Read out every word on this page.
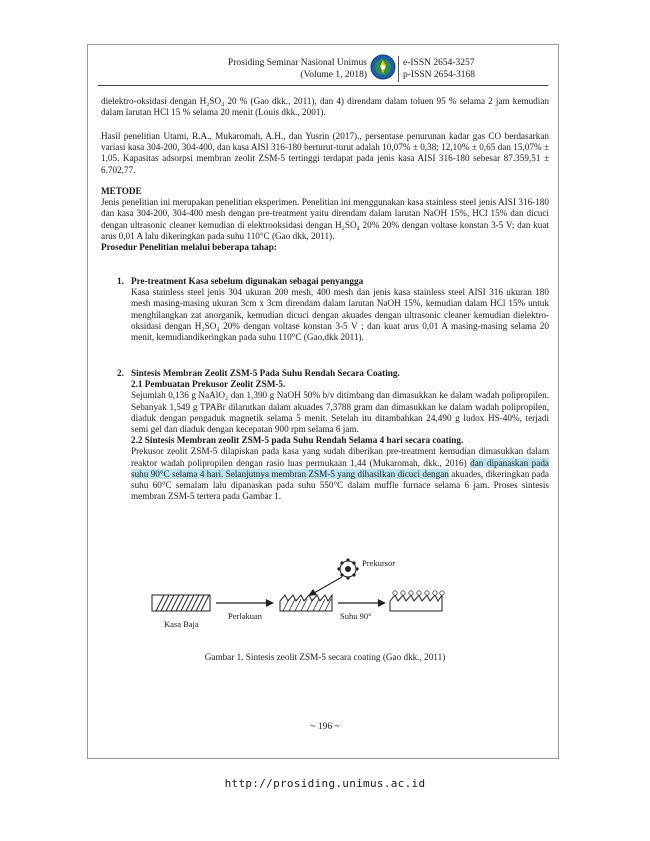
Prosiding Seminar Nasional Unimus
(Volume 1, 2018)
e-ISSN 2654-3257
p-ISSN 2654-3168

dielektro-oksidasi dengan H₂SO₄ 20 % (Gao dkk., 2011), dan 4) direndam dalam toluen 95 % selama 2 jam kemudian dalam larutan HCl 15 % selama 20 menit (Louis dkk., 2001).

Hasil penelitian Utami, R.A., Mukaromah, A.H., dan Yusrin (2017)., persentase penurunan kadar gas CO berdasarkan variasi kasa 304-200, 304-400, dan kasa AISI 316-180 berturut-turut adalah 10,07% ± 0,38; 12,10% ± 0,65 dan 15,07% ± 1,05. Kapasitas adsorpsi membran zeolit ZSM-5 tertinggi terdapat pada jenis kasa AISI 316-180 sebesar 87.359,51 ± 6.702,77.

METODE

Jenis penelitian ini merupakan penelitian eksperimen. Penelitian ini menggunakan kasa stainless steel jenis AISI 316-180 dan kasa 304-200, 304-400 mesh dengan pre-treatment yaitu direndam dalam larutan NaOH 15%, HCl 15% dan dicuci dengan ultrasonic cleaner kemudian di elektrooksidasi dengan H₂SO₄ 20% 20% dengan voltase konstan 3-5 V; dan kuat arus 0,01 A lalu dikeringkan pada suhu 110°C (Gao dkk, 2011).

Prosedur Penelitian melalui beberapa tahap:

1. Pre-treatment Kasa sebelum digunakan sebagai penyangga
Kasa stainless steel jenis 304 ukuran 200 mesh, 400 mesh dan jenis kasa stainless steel AISI 316 ukuran 180 mesh masing-masing ukuran 3cm x 3cm direndam dalam larutan NaOH 15%, kemudian dalam HCl 15% untuk menghilangkan zat anorganik, kemudian dicuci dengan akuades dengan ultrasonic cleaner kemudian dielektro-oksidasi dengan H₂SO₄ 20% dengan voltase konstan 3-5 V ; dan kuat arus 0,01 A masing-masing selama 20 menit, kemudiandikeringkan pada suhu 110°C (Gao,dkk 2011).
2. Sintesis Membran Zeolit ZSM-5 Pada Suhu Rendah Secara Coating.
2.1 Pembuatan Prekusor Zeolit ZSM-5.
Sejumlah 0,136 g NaAlO₂ dan 1,390 g NaOH 50% b/v ditimbang dan dimasukkan ke dalam wadah polipropilen. Sebanyak 1,549 g TPABr dilarutkan dalam akuades 7,3788 gram dan dimasukkan ke dalam wadah polipropilen, diaduk dengan pengaduk magnetik selama 5 menit. Setelah itu ditambahkan 24,490 g ludox HS-40%, terjadi semi gel dan diaduk dengan kecepatan 900 rpm selama 6 jam.
2.2 Sintesis Membran zeolit ZSM-5 pada Suhu Rendah Selama 4 hari secara coating.
Prekusor zeolit ZSM-5 dilapiskan pada kasa yang sudah diberikan pre-treatment kemudian dimasukkan dalam reaktor wadah polipropilen dengan rasio luas permukaan 1,44 (Mukaromah, dkk., 2016) dan dipanaskan pada suhu 90°C selama 4 hari. Selanjutnya membran ZSM-5 yang dihasilkan dicuci dengan akuades, dikeringkan pada suhu 60°C semalam lalu dipanaskan pada suhu 550°C dalam muffle furnace selama 6 jam. Proses sintesis membran ZSM-5 tertera pada Gambar 1.
Kasa Baja
Perlakuan
Prekursor
Suhu 90°
Gambar 1. Sintesis zeolit ZSM-5 secara coating (Gao dkk., 2011)
~ 196 ~
http://prosiding.unimus.ac.id
